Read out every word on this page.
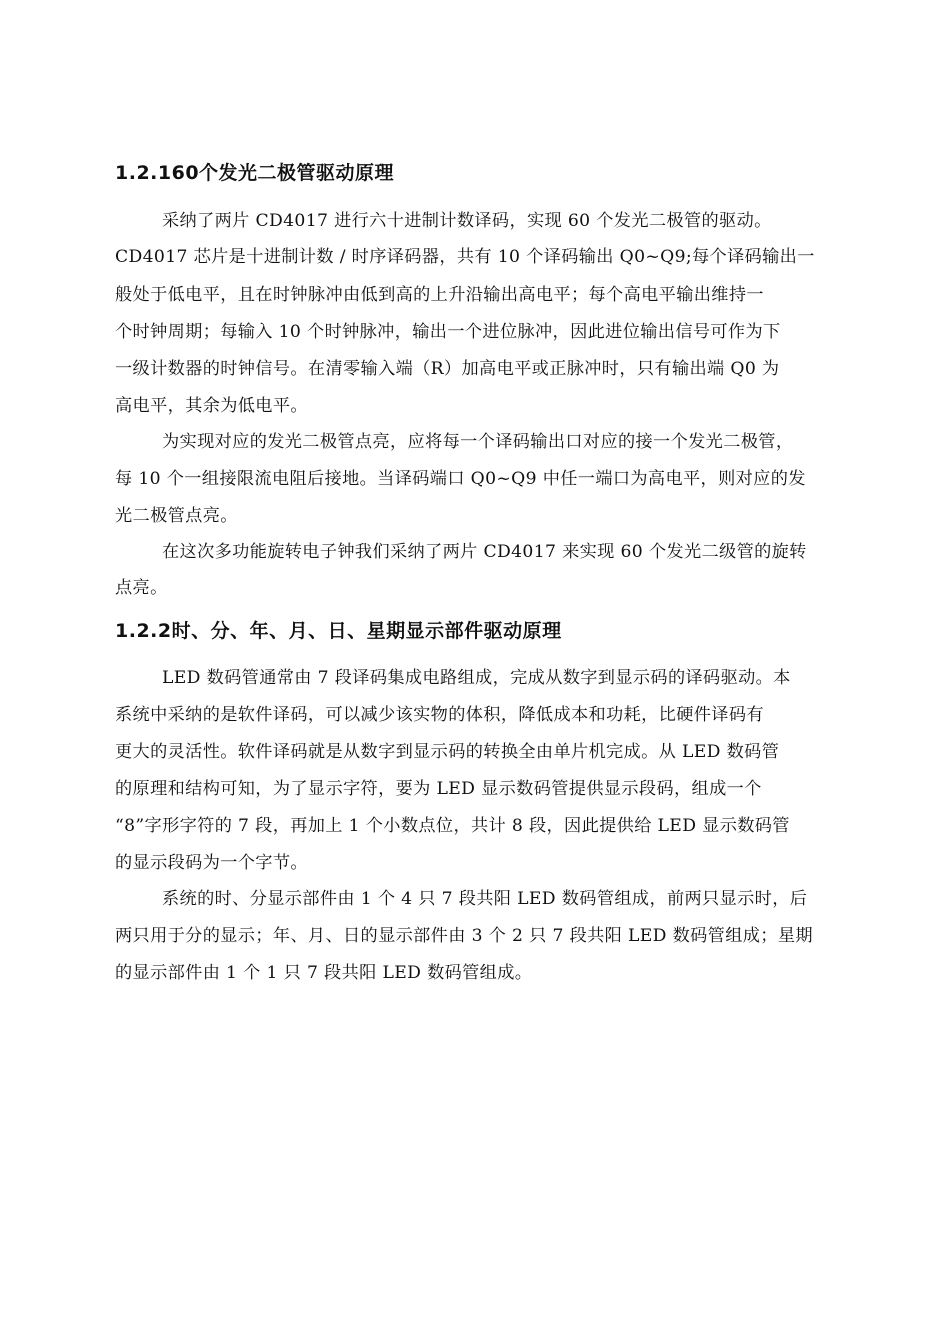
1.2.160个发光二极管驱动原理
采纳了两片 CD4017 进行六十进制计数译码，实现 60 个发光二极管的驱动。
CD4017 芯片是十进制计数 / 时序译码器，共有 10 个译码输出 Q0~Q9;每个译码输出一
般处于低电平，且在时钟脉冲由低到高的上升沿输出高电平；每个高电平输出维持一
个时钟周期；每输入 10 个时钟脉冲，输出一个进位脉冲，因此进位输出信号可作为下
一级计数器的时钟信号。在清零输入端（R）加高电平或正脉冲时，只有输出端 Q0 为
高电平，其余为低电平。
为实现对应的发光二极管点亮，应将每一个译码输出口对应的接一个发光二极管，
每 10 个一组接限流电阻后接地。当译码端口 Q0~Q9 中任一端口为高电平，则对应的发
光二极管点亮。
在这次多功能旋转电子钟我们采纳了两片 CD4017 来实现 60 个发光二级管的旋转
点亮。
1.2.2时、分、年、月、日、星期显示部件驱动原理
LED 数码管通常由 7 段译码集成电路组成，完成从数字到显示码的译码驱动。本
系统中采纳的是软件译码，可以减少该实物的体积，降低成本和功耗，比硬件译码有
更大的灵活性。软件译码就是从数字到显示码的转换全由单片机完成。从 LED 数码管
的原理和结构可知，为了显示字符，要为 LED 显示数码管提供显示段码，组成一个
“8”字形字符的 7 段，再加上 1 个小数点位，共计 8 段，因此提供给 LED 显示数码管
的显示段码为一个字节。
系统的时、分显示部件由 1 个 4 只 7 段共阳 LED 数码管组成，前两只显示时，后
两只用于分的显示；年、月、日的显示部件由 3 个 2 只 7 段共阳 LED 数码管组成；星期
的显示部件由 1 个 1 只 7 段共阳 LED 数码管组成。
